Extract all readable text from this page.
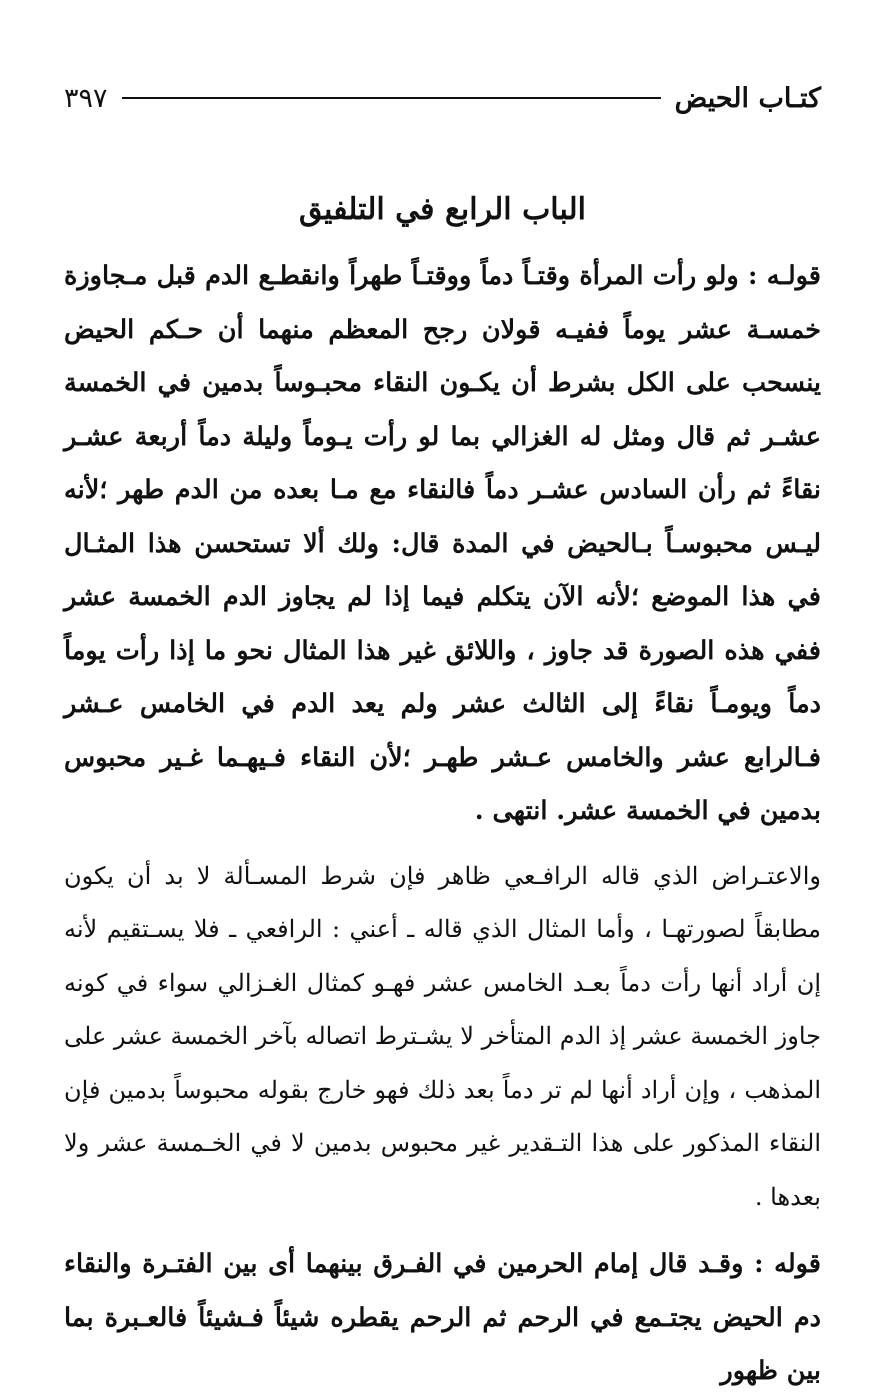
كتـاب الحيض
٣٩٧
الباب الرابع في التلفيق

قولـه : ولو رأت المرأة وقتـاً دماً ووقتـاً طهراً وانقطـع الدم قبل مـجاوزة خمسـة عشر يوماً ففيـه قولان رجح المعظم منهما أن حـكم الحيض ينسحب على الكل بشرط أن يكـون النقاء محبـوساً بدمين في الخمسة عشـر ثم قال ومثل له الغزالي بما لو رأت يـوماً وليلة دماً أربعة عشـر نقاءً ثم رأن السادس عشـر دماً فالنقاء مع مـا بعده من الدم طهر ؛لأنه ليـس محبوسـاً بـالحيض في المدة قال: ولك ألا تستحسن هذا المثـال في هذا الموضع ؛لأنه الآن يتكلم فيما إذا لم يجاوز الدم الخمسة عشر ففي هذه الصورة قد جاوز ، واللائق غير هذا المثال نحو ما إذا رأت يوماً دماً ويومـاً نقاءً إلى الثالث عشر ولم يعد الدم في الخامس عـشر فـالرابع عشر والخامس عـشر طهـر ؛لأن النقاء فـيهـما غـير محبوس بدمين في الخمسة عشر. انتهى .

والاعتـراض الذي قاله الرافـعي ظاهر فإن شرط المسـألة لا بد أن يكون مطابقاً لصورتهـا ، وأما المثال الذي قاله ـ أعني : الرافعي ـ فلا يسـتقيم لأنه إن أراد أنها رأت دماً بعـد الخامس عشر فهـو كمثال الغـزالي سواء في كونه جاوز الخمسة عشر إذ الدم المتأخر لا يشـترط اتصاله بآخر الخمسة عشر على المذهب ، وإن أراد أنها لم تر دماً بعد ذلك فهو خارج بقوله محبوساً بدمين فإن النقاء المذكور على هذا التـقدير غير محبوس بدمين لا في الخـمسة عشر ولا بعدها .

قوله : وقـد قال إمام الحرمين في الفـرق بينهما أى بين الفتـرة والنقاء دم الحيض يجتـمع في الرحم ثم الرحم يقطره شيئاً فـشيئاً فالعـبرة بما بين ظهور
